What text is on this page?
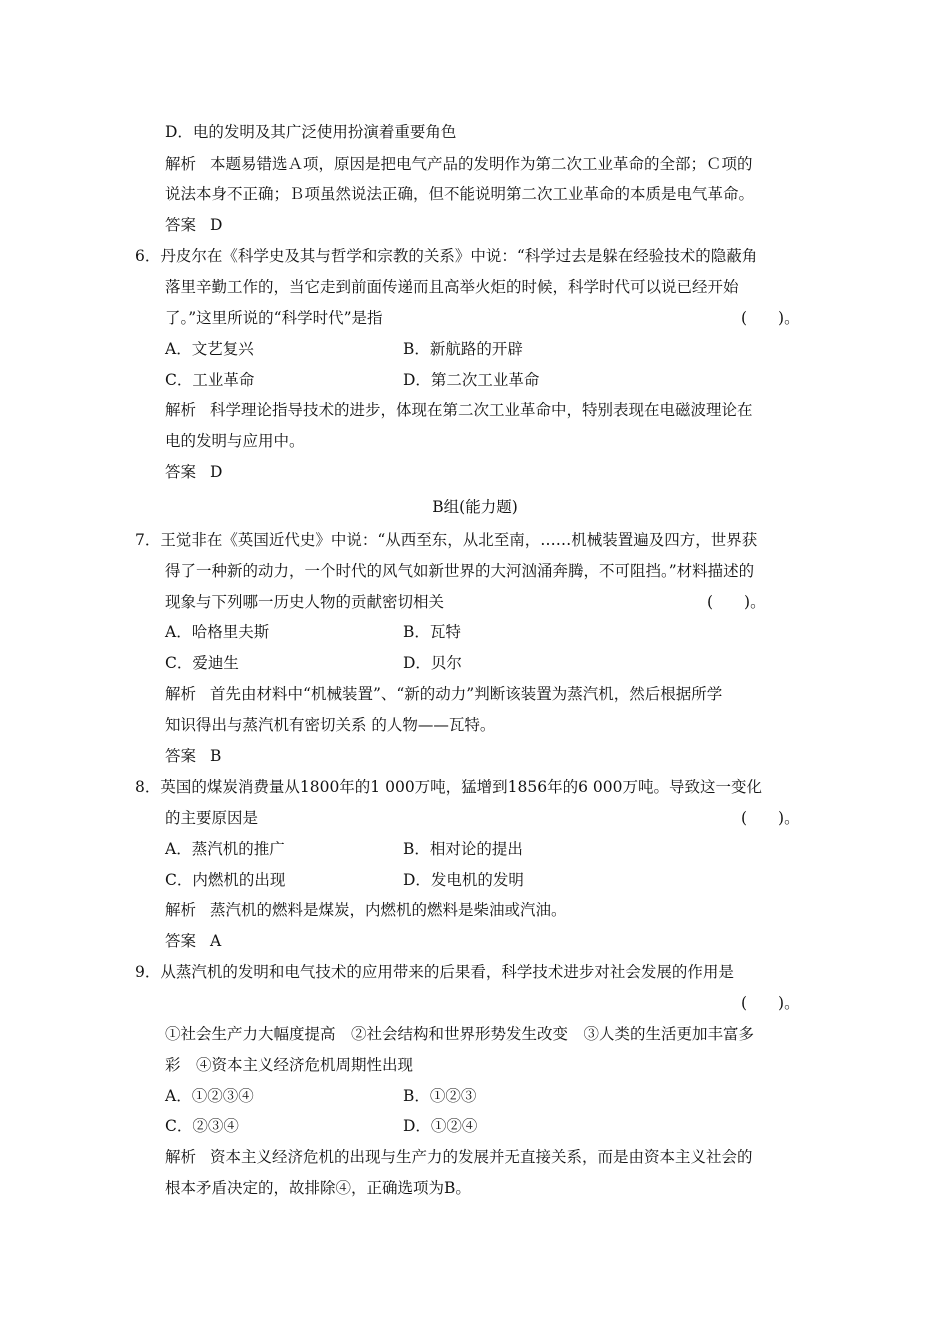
D．电的发明及其广泛使用扮演着重要角色
解析 本题易错选Ａ项，原因是把电气产品的发明作为第二次工业革命的全部；Ｃ项的
说法本身不正确；Ｂ项虽然说法正确，但不能说明第二次工业革命的本质是电气革命。
答案 D
6．丹皮尔在《科学史及其与哲学和宗教的关系》中说：“科学过去是躲在经验技术的隐蔽角
落里辛勤工作的，当它走到前面传递而且高举火炬的时候，科学时代可以说已经开始
了。”这里所说的“科学时代”是指	(　　)。
A．文艺复兴	B．新航路的开辟
C．工业革命	D．第二次工业革命
解析 科学理论指导技术的进步，体现在第二次工业革命中，特别表现在电磁波理论在
电的发明与应用中。
答案 D
B组(能力题)
7．王觉非在《英国近代史》中说：“从西至东，从北至南，……机械装置遍及四方，世界获
得了一种新的动力，一个时代的风气如新世界的大河汹涌奔腾，不可阻挡。”材料描述的
现象与下列哪一历史人物的贡献密切相关	(　　)。
A．哈格里夫斯	B．瓦特
C．爱迪生	D．贝尔
解析 首先由材料中“机械装置”、“新的动力”判断该装置为蒸汽机，然后根据所学
知识得出与蒸汽机有密切关系 的人物——瓦特。
答案 B
8．英国的煤炭消费量从1800年的1 000万吨，猛增到1856年的6 000万吨。导致这一变化
的主要原因是	(　　)。
A．蒸汽机的推广	B．相对论的提出
C．内燃机的出现	D．发电机的发明
解析 蒸汽机的燃料是煤炭，内燃机的燃料是柴油或汽油。
答案 A
9．从蒸汽机的发明和电气技术的应用带来的后果看，科学技术进步对社会发展的作用是
(　　)。
①社会生产力大幅度提高　②社会结构和世界形势发生改变　③人类的生活更加丰富多
彩　④资本主义经济危机周期性出现
A．①②③④	B．①②③
C．②③④	D．①②④
解析 资本主义经济危机的出现与生产力的发展并无直接关系，而是由资本主义社会的
根本矛盾决定的，故排除④，正确选项为B。
